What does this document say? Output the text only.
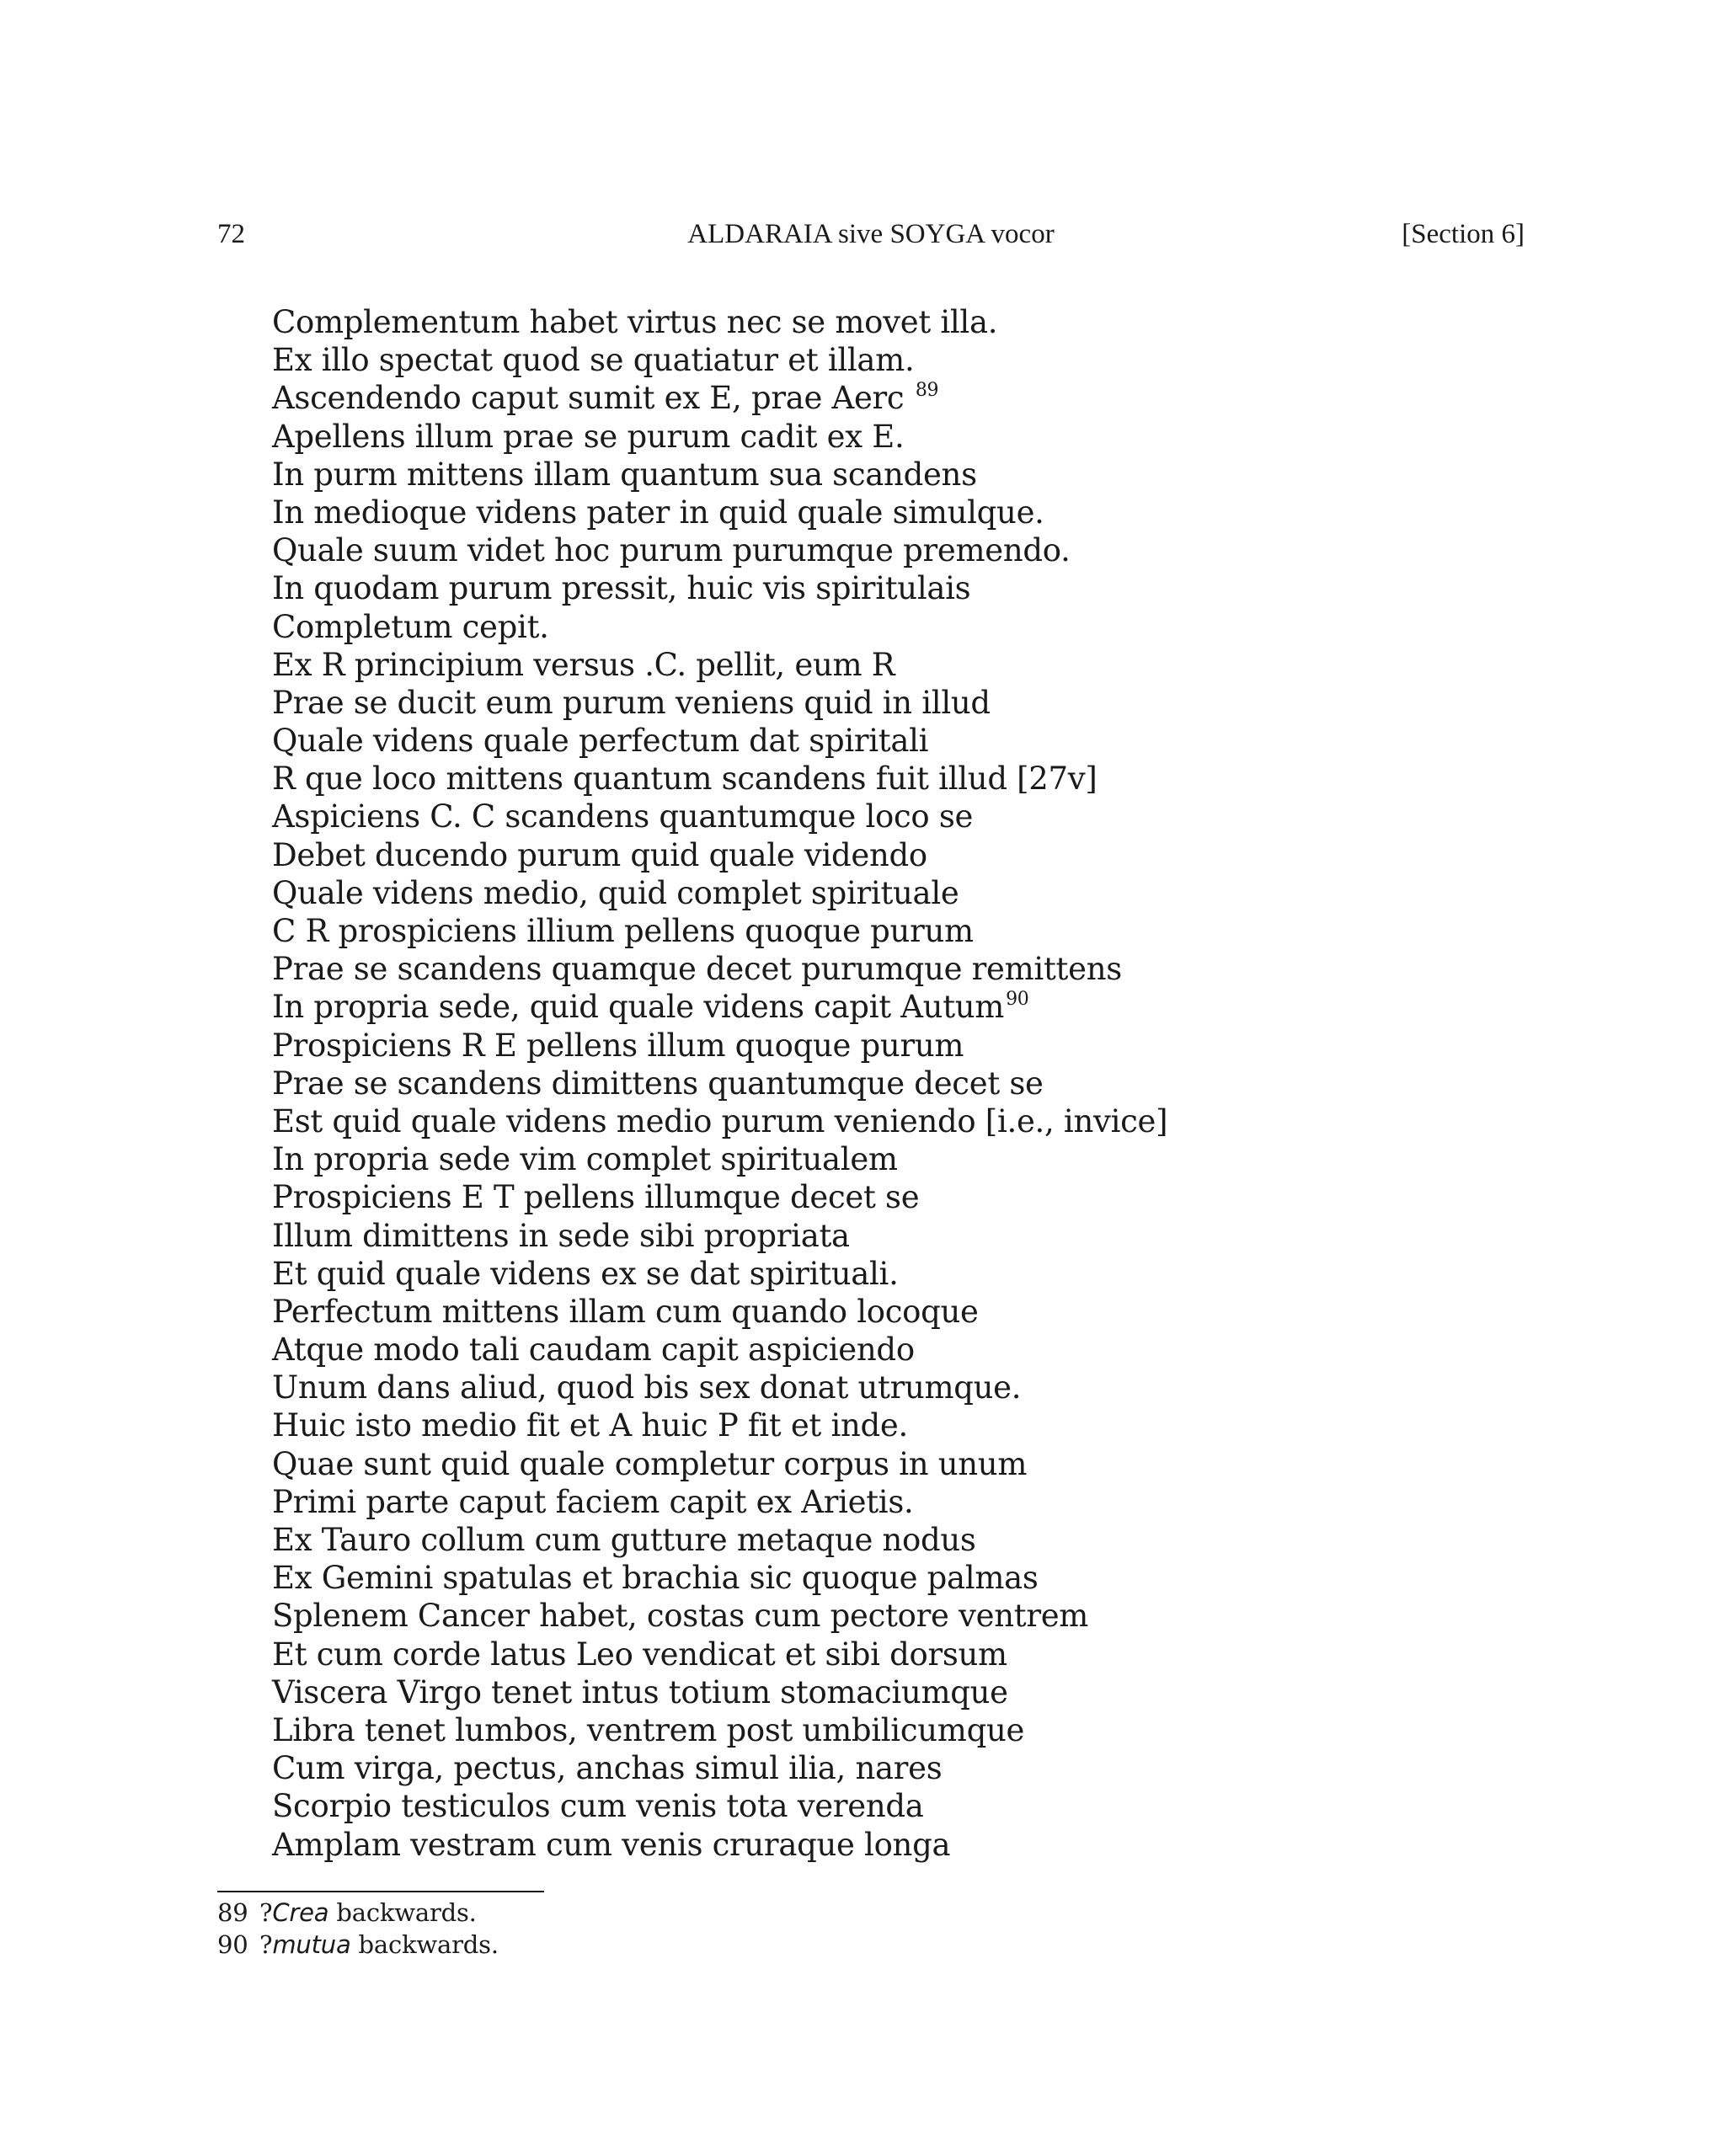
72	ALDARAIA sive SOYGA vocor	[Section 6]
Complementum habet virtus nec se movet illa.
Ex illo spectat quod se quatiatur et illam.
Ascendendo caput sumit ex E, prae Aerc $^{89}$
Apellens illum prae se purum cadit ex E.
In purm mittens illam quantum sua scandens
In medioque videns pater in quid quale simulque.
Quale suum videt hoc purum purumque premendo.
In quodam purum pressit, huic vis spiritulais
Completum cepit.
Ex R principium versus .C. pellit, eum R
Prae se ducit eum purum veniens quid in illud
Quale videns quale perfectum dat spiritali
R que loco mittens quantum scandens fuit illud [27v]
Aspiciens C. C scandens quantumque loco se
Debet ducendo purum quid quale videndo
Quale videns medio, quid complet spirituale
C R prospiciens illium pellens quoque purum
Prae se scandens quamque decet purumque remittens
In propria sede, quid quale videns capit Autum$^{90}$
Prospiciens R E pellens illum quoque purum
Prae se scandens dimittens quantumque decet se
Est quid quale videns medio purum veniendo [i.e., invice]
In propria sede vim complet spiritualem
Prospiciens E T pellens illumque decet se
Illum dimittens in sede sibi propriata
Et quid quale videns ex se dat spirituali.
Perfectum mittens illam cum quando locoque
Atque modo tali caudam capit aspiciendo
Unum dans aliud, quod bis sex donat utrumque.
Huic isto medio fit et A huic P fit et inde.
Quae sunt quid quale completur corpus in unum
Primi parte caput faciem capit ex Arietis.
Ex Tauro collum cum gutture metaque nodus
Ex Gemini spatulas et brachia sic quoque palmas
Splenem Cancer habet, costas cum pectore ventrem
Et cum corde latus Leo vendicat et sibi dorsum
Viscera Virgo tenet intus totium stomaciumque
Libra tenet lumbos, ventrem post umbilicumque
Cum virga, pectus, anchas simul ilia, nares
Scorpio testiculos cum venis tota verenda
Amplam vestram cum venis cruraque longa
89 ?Crea backwards.
90 ?mutua backwards.
